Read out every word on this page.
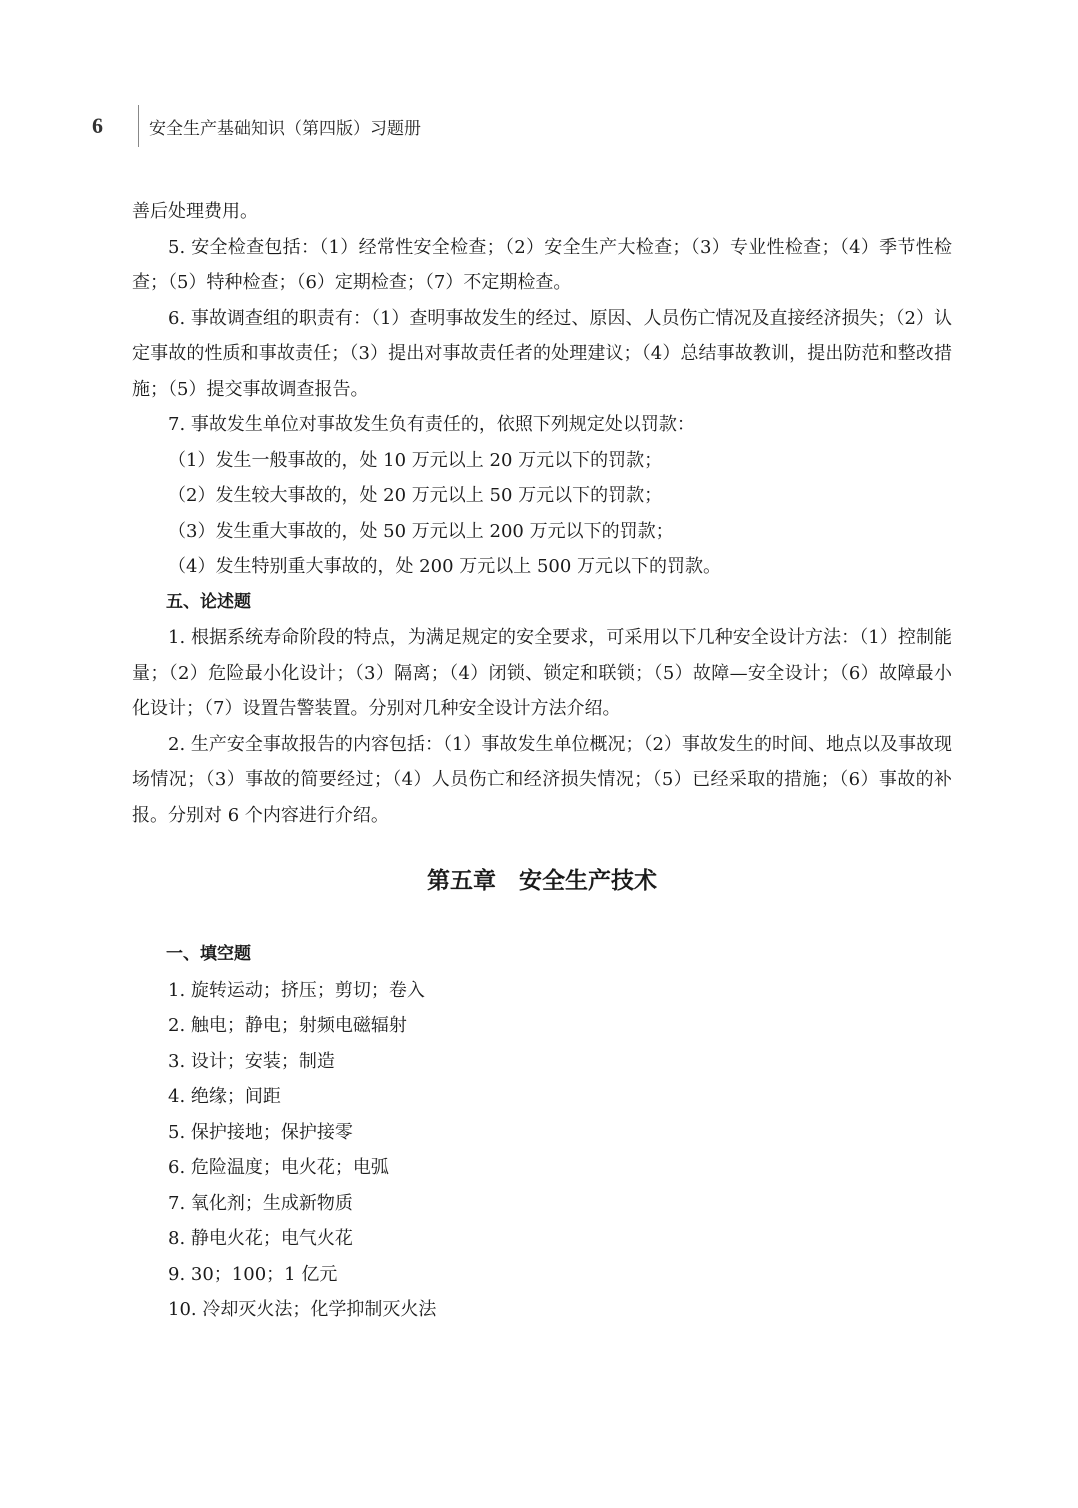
6	安全生产基础知识（第四版）习题册

善后处理费用。

5. 安全检查包括：（1）经常性安全检查；（2）安全生产大检查；（3）专业性检查；（4）季节性检查；（5）特种检查；（6）定期检查；（7）不定期检查。

6. 事故调查组的职责有：（1）查明事故发生的经过、原因、人员伤亡情况及直接经济损失；（2）认定事故的性质和事故责任；（3）提出对事故责任者的处理建议；（4）总结事故教训，提出防范和整改措施；（5）提交事故调查报告。

7. 事故发生单位对事故发生负有责任的，依照下列规定处以罚款：

（1）发生一般事故的，处 10 万元以上 20 万元以下的罚款；

（2）发生较大事故的，处 20 万元以上 50 万元以下的罚款；

（3）发生重大事故的，处 50 万元以上 200 万元以下的罚款；

（4）发生特别重大事故的，处 200 万元以上 500 万元以下的罚款。

五、论述题

1. 根据系统寿命阶段的特点，为满足规定的安全要求，可采用以下几种安全设计方法：（1）控制能量；（2）危险最小化设计；（3）隔离；（4）闭锁、锁定和联锁；（5）故障—安全设计；（6）故障最小化设计；（7）设置告警装置。分别对几种安全设计方法介绍。

2. 生产安全事故报告的内容包括：（1）事故发生单位概况；（2）事故发生的时间、地点以及事故现场情况；（3）事故的简要经过；（4）人员伤亡和经济损失情况；（5）已经采取的措施；（6）事故的补报。分别对 6 个内容进行介绍。

第五章　安全生产技术

一、填空题

1. 旋转运动；挤压；剪切；卷入

2. 触电；静电；射频电磁辐射

3. 设计；安装；制造

4. 绝缘；间距

5. 保护接地；保护接零

6. 危险温度；电火花；电弧

7. 氧化剂；生成新物质

8. 静电火花；电气火花

9. 30；100；1 亿元

10. 冷却灭火法；化学抑制灭火法
